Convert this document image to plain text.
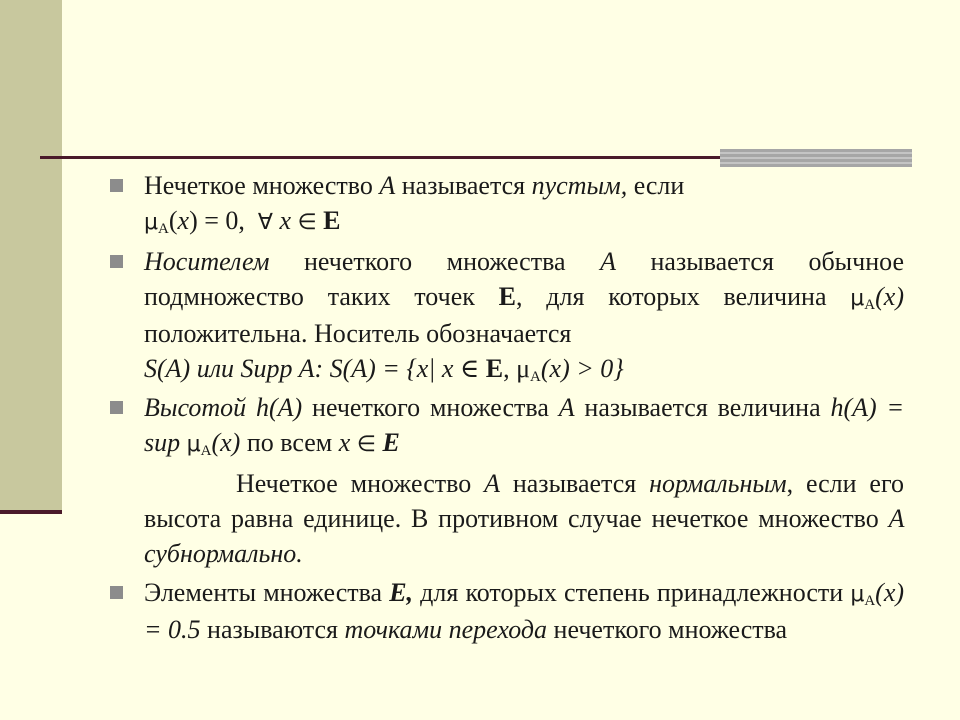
Нечеткое множество A называется пустым, если
$\mu_A(x) = 0$, ∀ x ∈ E
Носителем нечеткого множества A называется обычное подмножество таких точек E, для которых величина $\mu_A(x)$ положительна. Носитель обозначается
S(A) или Supp A: S(A) = {x| x ∈ E, $\mu_A(x) > 0$}
Высотой h(A) нечеткого множества A называется величина h(A) = sup $\mu_A(x)$ по всем x ∈ E
Нечеткое множество A называется нормальным, если его высота равна единице. В противном случае нечеткое множество A субнормально.
Элементы множества E, для которых степень принадлежности $\mu_A(x) = 0.5$ называются точками перехода нечеткого множества
